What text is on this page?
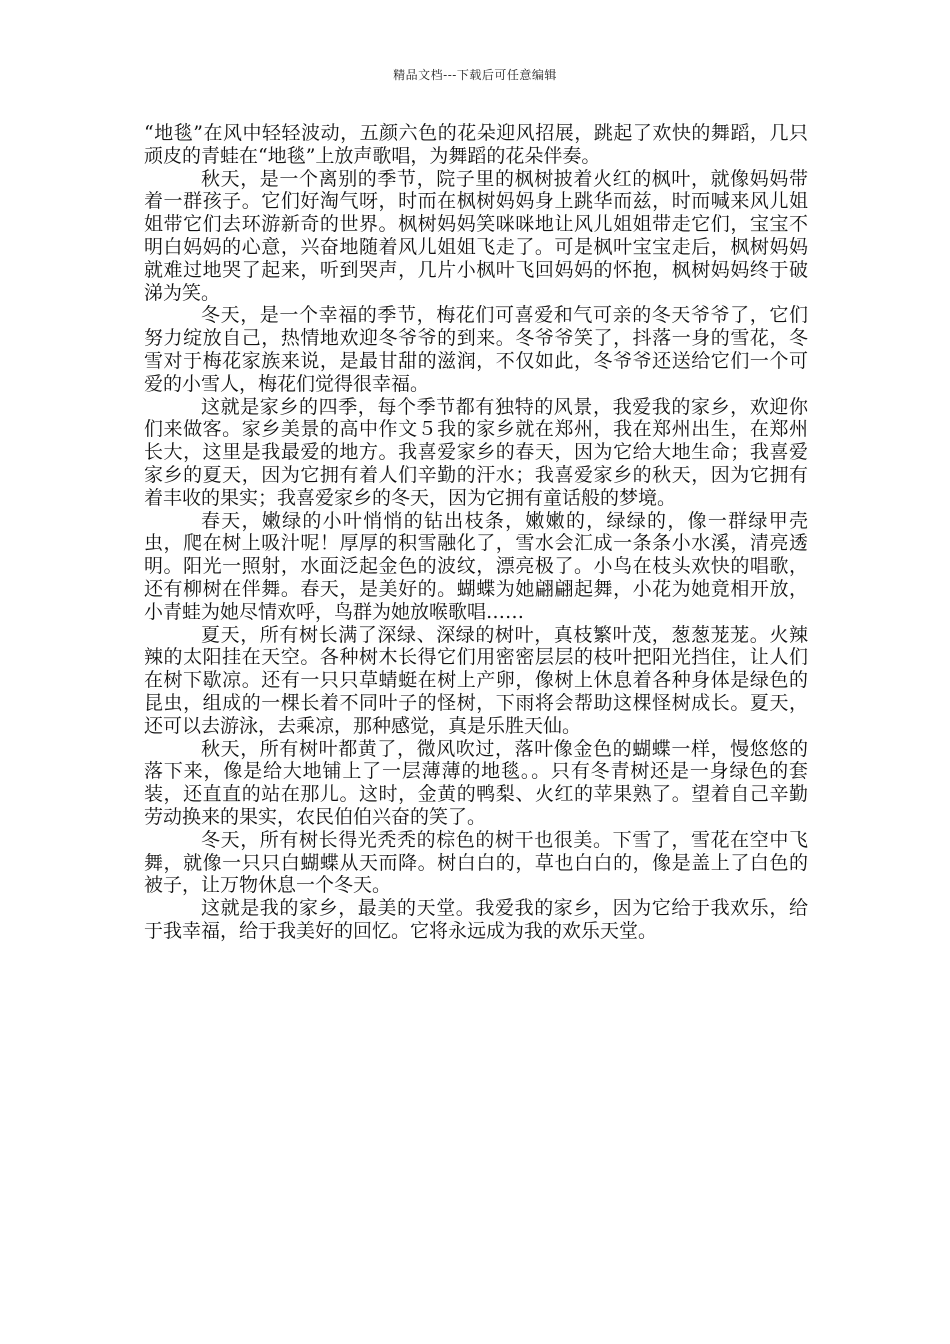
精品文档---下载后可任意编辑

“地毯”在风中轻轻波动，五颜六色的花朵迎风招展，跳起了欢快的舞蹈，几只顽皮的青蛙在“地毯”上放声歌唱，为舞蹈的花朵伴奏。

秋天，是一个离别的季节，院子里的枫树披着火红的枫叶，就像妈妈带着一群孩子。它们好淘气呀，时而在枫树妈妈身上跳华而兹，时而喊来风儿姐姐带它们去环游新奇的世界。枫树妈妈笑咪咪地让风儿姐姐带走它们，宝宝不明白妈妈的心意，兴奋地随着风儿姐姐飞走了。可是枫叶宝宝走后，枫树妈妈就难过地哭了起来，听到哭声，几片小枫叶飞回妈妈的怀抱，枫树妈妈终于破涕为笑。

冬天，是一个幸福的季节，梅花们可喜爱和气可亲的冬天爷爷了，它们努力绽放自己，热情地欢迎冬爷爷的到来。冬爷爷笑了，抖落一身的雪花，冬雪对于梅花家族来说，是最甘甜的滋润，不仅如此，冬爷爷还送给它们一个可爱的小雪人，梅花们觉得很幸福。

这就是家乡的四季，每个季节都有独特的风景，我爱我的家乡，欢迎你们来做客。家乡美景的高中作文５我的家乡就在郑州，我在郑州出生，在郑州长大，这里是我最爱的地方。我喜爱家乡的春天，因为它给大地生命；我喜爱家乡的夏天，因为它拥有着人们辛勤的汗水；我喜爱家乡的秋天，因为它拥有着丰收的果实；我喜爱家乡的冬天，因为它拥有童话般的梦境。

春天，嫩绿的小叶悄悄的钻出枝条，嫩嫩的，绿绿的，像一群绿甲壳虫，爬在树上吸汁呢！厚厚的积雪融化了，雪水会汇成一条条小水溪，清亮透明。阳光一照射，水面泛起金色的波纹，漂亮极了。小鸟在枝头欢快的唱歌，还有柳树在伴舞。春天，是美好的。蝴蝶为她翩翩起舞，小花为她竟相开放，小青蛙为她尽情欢呼，鸟群为她放喉歌唱……

夏天，所有树长满了深绿、深绿的树叶，真枝繁叶茂，葱葱茏茏。火辣辣的太阳挂在天空。各种树木长得它们用密密层层的枝叶把阳光挡住，让人们在树下歇凉。还有一只只草蜻蜓在树上产卵，像树上休息着各种身体是绿色的昆虫，组成的一棵长着不同叶子的怪树，下雨将会帮助这棵怪树成长。夏天，还可以去游泳，去乘凉，那种感觉，真是乐胜天仙。

秋天，所有树叶都黄了，微风吹过，落叶像金色的蝴蝶一样，慢悠悠的落下来，像是给大地铺上了一层薄薄的地毯。。只有冬青树还是一身绿色的套装，还直直的站在那儿。这时，金黄的鸭梨、火红的苹果熟了。望着自己辛勤劳动换来的果实，农民伯伯兴奋的笑了。

冬天，所有树长得光秃秃的棕色的树干也很美。下雪了，雪花在空中飞舞，就像一只只白蝴蝶从天而降。树白白的，草也白白的，像是盖上了白色的被子，让万物休息一个冬天。

这就是我的家乡，最美的天堂。我爱我的家乡，因为它给于我欢乐，给于我幸福，给于我美好的回忆。它将永远成为我的欢乐天堂。
